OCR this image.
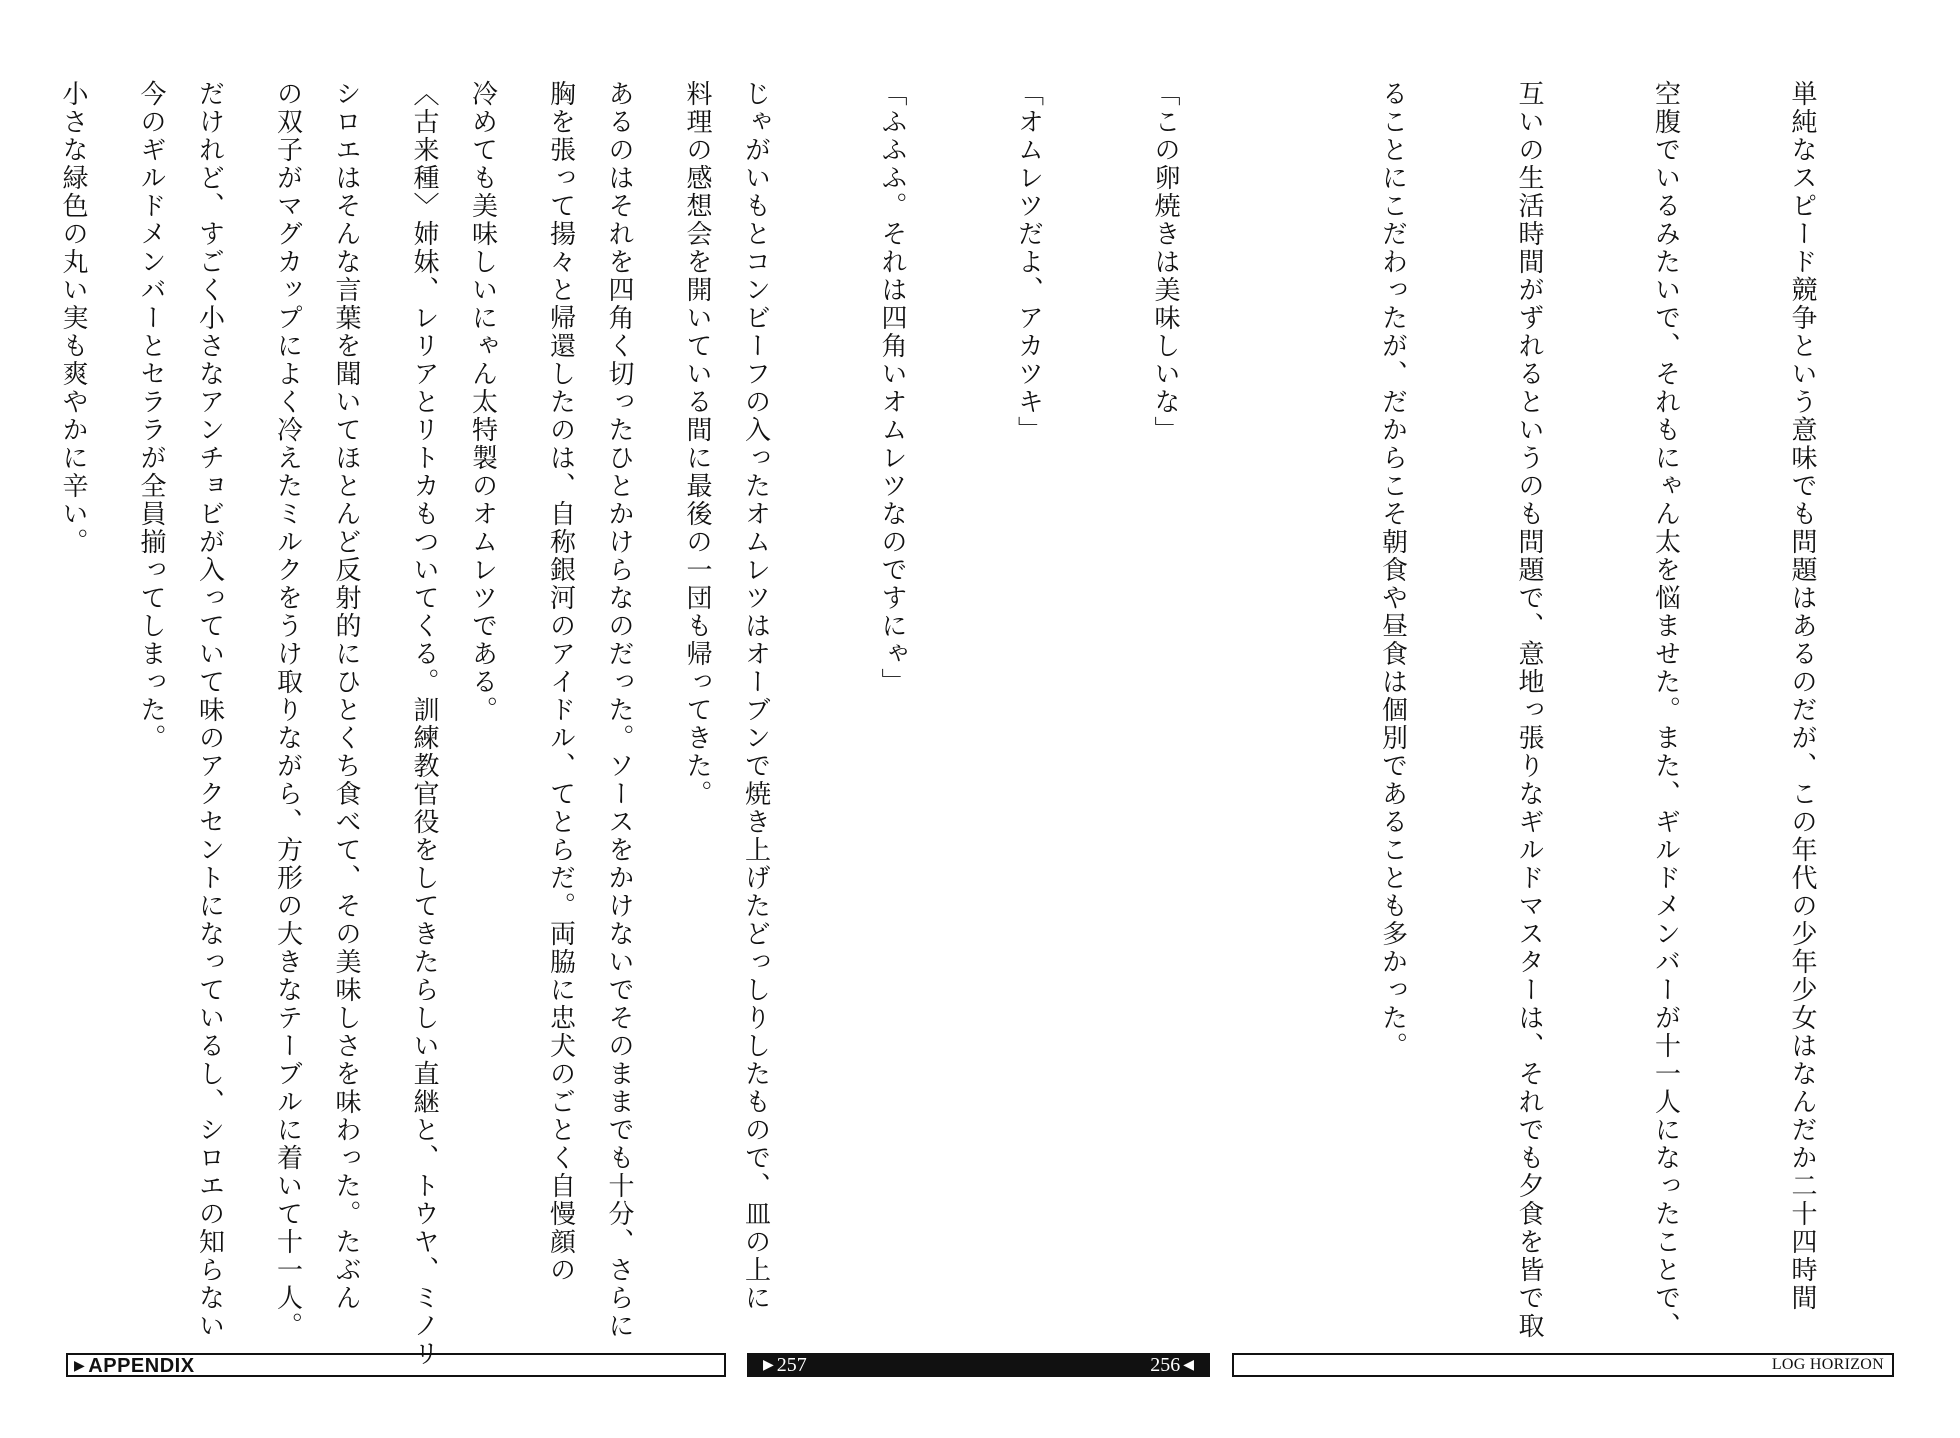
料理の感想会を開いている間に最後の一団も帰ってきた。

胸を張って揚々と帰還したのは、自称銀河のアイドル、てとらだ。両脇に忠犬のごとく自慢顔の

〈古来種〉姉妹、レリアとリトカもついてくる。訓練教官役をしてきたらしい直継と、トウヤ、ミノリ

の双子がマグカップによく冷えたミルクをうけ取りながら、方形の大きなテーブルに着いて十一人。

今のギルドメンバーとセララが全員揃ってしまった。

	単純なスピード競争という意味でも問題はあるのだが、この年代の少年少女はなんだか二十四時間

空腹でいるみたいで、それもにゃん太を悩ませた。また、ギルドメンバーが十一人になったことで、

互いの生活時間がずれるというのも問題で、意地っ張りなギルドマスターは、それでも夕食を皆で取

ることにこだわったが、だからこそ朝食や昼食は個別であることも多かった。

「この卵焼きは美味しいな」

「オムレツだよ、アカツキ」

「ふふふ。それは四角いオムレツなのですにゃ」

じゃがいもとコンビーフの入ったオムレツはオーブンで焼き上げたどっしりしたもので、皿の上に

あるのはそれを四角く切ったひとかけらなのだった。ソースをかけないでそのままでも十分、さらに

冷めても美味しいにゃん太特製のオムレツである。

シロエはそんな言葉を聞いてほとんど反射的にひとくち食べて、その美味しさを味わった。たぶん

だけれど、すごく小さなアンチョビが入っていて味のアクセントになっているし、シロエの知らない

小さな緑色の丸い実も爽やかに辛い。

▶ APPENDIX	▶ 257	256 ◀	LOG HORIZON
